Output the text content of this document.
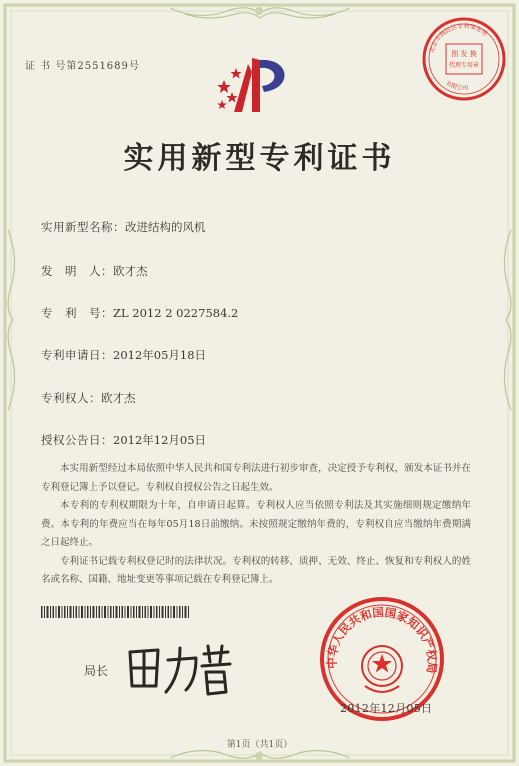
证 书 号第2551689号
图 发 换
代理专用章
北京市海淀区专利事务所
有限公司
实用新型专利证书
实用新型名称：改进结构的风机
发　明　人：欧才杰
专　利　号：ZL 2012 2 0227584.2
专利申请日：2012年05月18日
专利权人：欧才杰
授权公告日：2012年12月05日

本实用新型经过本局依照中华人民共和国专利法进行初步审查，决定授予专利权，颁发本证书并在专利登记簿上予以登记。专利权自授权公告之日起生效。

本专利的专利权期限为十年，自申请日起算。专利权人应当依照专利法及其实施细则规定缴纳年费。本专利的年费应当在每年05月18日前缴纳。未按照规定缴纳年费的，专利权自应当缴纳年费期满之日起终止。

专利证书记载专利权登记时的法律状况。专利权的转移、质押、无效、终止、恢复和专利权人的姓名或名称、国籍、地址变更等事项记载在专利登记簿上。

局长
中华人民共和国国家知识产权局
2012年12月05日
第1页（共1页）
